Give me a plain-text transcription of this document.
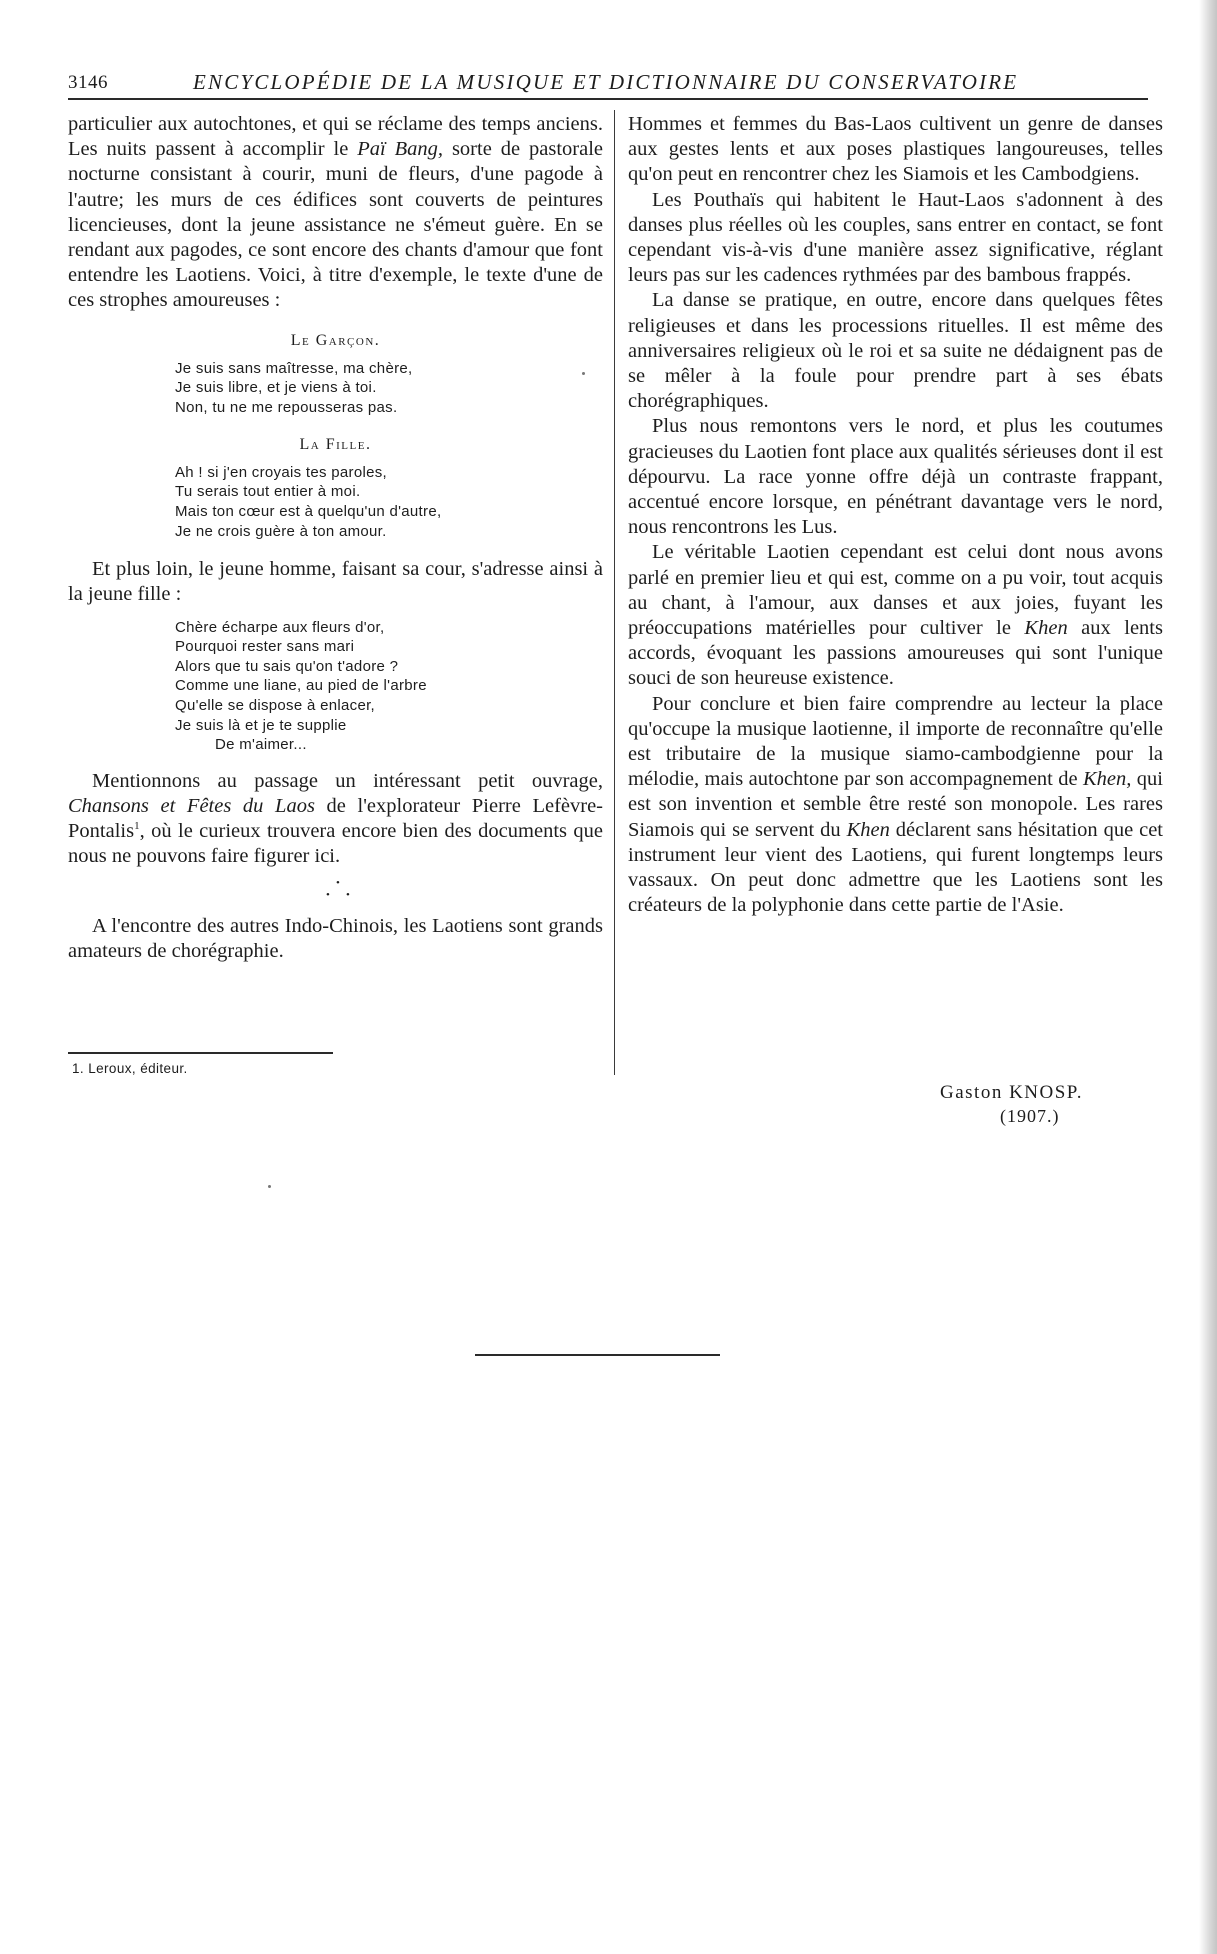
3146	ENCYCLOPÉDIE DE LA MUSIQUE ET DICTIONNAIRE DU CONSERVATOIRE

particulier aux autochtones, et qui se réclame des temps anciens. Les nuits passent à accomplir le Paï Bang, sorte de pastorale nocturne consistant à courir, muni de fleurs, d'une pagode à l'autre; les murs de ces édifices sont couverts de peintures licencieuses, dont la jeune assistance ne s'émeut guère. En se rendant aux pagodes, ce sont encore des chants d'amour que font entendre les Laotiens. Voici, à titre d'exemple, le texte d'une de ces strophes amoureuses :

Le Garçon.
Je suis sans maîtresse, ma chère,
Je suis libre, et je viens à toi.
Non, tu ne me repousseras pas.
La Fille.
Ah ! si j'en croyais tes paroles,
Tu serais tout entier à moi.
Mais ton cœur est à quelqu'un d'autre,
Je ne crois guère à ton amour.

Et plus loin, le jeune homme, faisant sa cour, s'adresse ainsi à la jeune fille :

Chère écharpe aux fleurs d'or,
Pourquoi rester sans mari
Alors que tu sais qu'on t'adore ?
Comme une liane, au pied de l'arbre
Qu'elle se dispose à enlacer,
Je suis là et je te supplie
De m'aimer...

Mentionnons au passage un intéressant petit ouvrage, Chansons et Fêtes du Laos de l'explorateur Pierre Lefèvre-Pontalis$^1$, où le curieux trouvera encore bien des documents que nous ne pouvons faire figurer ici.

•
• •

A l'encontre des autres Indo-Chinois, les Laotiens sont grands amateurs de chorégraphie.

Hommes et femmes du Bas-Laos cultivent un genre de danses aux gestes lents et aux poses plastiques langoureuses, telles qu'on peut en rencontrer chez les Siamois et les Cambodgiens.

Les Pouthaïs qui habitent le Haut-Laos s'adonnent à des danses plus réelles où les couples, sans entrer en contact, se font cependant vis-à-vis d'une manière assez significative, réglant leurs pas sur les cadences rythmées par des bambous frappés.

La danse se pratique, en outre, encore dans quelques fêtes religieuses et dans les processions rituelles. Il est même des anniversaires religieux où le roi et sa suite ne dédaignent pas de se mêler à la foule pour prendre part à ses ébats chorégraphiques.

Plus nous remontons vers le nord, et plus les coutumes gracieuses du Laotien font place aux qualités sérieuses dont il est dépourvu. La race yonne offre déjà un contraste frappant, accentué encore lorsque, en pénétrant davantage vers le nord, nous rencontrons les Lus.

Le véritable Laotien cependant est celui dont nous avons parlé en premier lieu et qui est, comme on a pu voir, tout acquis au chant, à l'amour, aux danses et aux joies, fuyant les préoccupations matérielles pour cultiver le Khen aux lents accords, évoquant les passions amoureuses qui sont l'unique souci de son heureuse existence.

Pour conclure et bien faire comprendre au lecteur la place qu'occupe la musique laotienne, il importe de reconnaître qu'elle est tributaire de la musique siamo-cambodgienne pour la mélodie, mais autochtone par son accompagnement de Khen, qui est son invention et semble être resté son monopole. Les rares Siamois qui se servent du Khen déclarent sans hésitation que cet instrument leur vient des Laotiens, qui furent longtemps leurs vassaux. On peut donc admettre que les Laotiens sont les créateurs de la polyphonie dans cette partie de l'Asie.

1. Leroux, éditeur.
Gaston KNOSP.
(1907.)
